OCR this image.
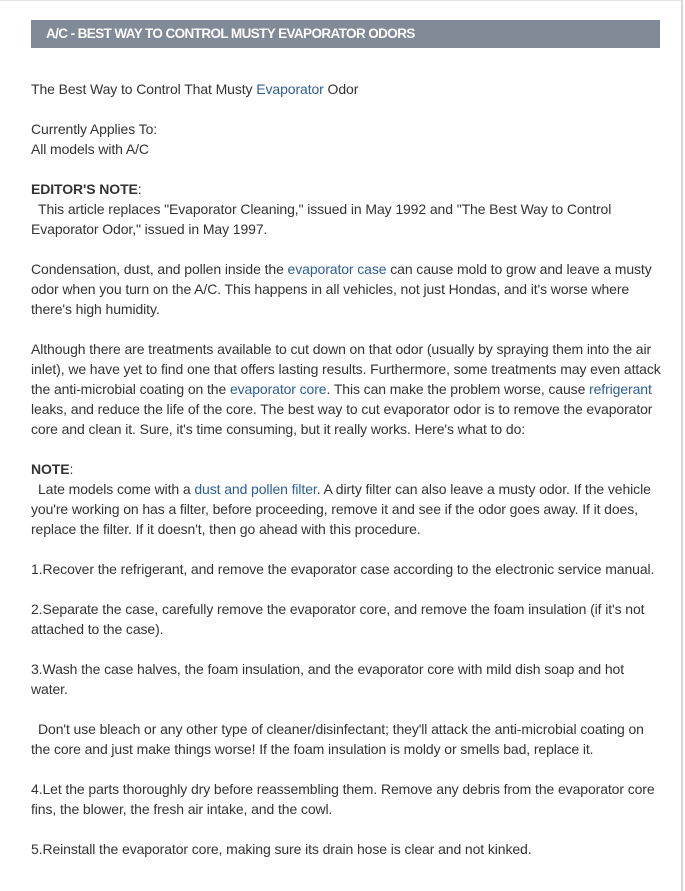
A/C - BEST WAY TO CONTROL MUSTY EVAPORATOR ODORS

The Best Way to Control That Musty Evaporator Odor

Currently Applies To:
All models with A/C

EDITOR'S NOTE:
This article replaces "Evaporator Cleaning," issued in May 1992 and "The Best Way to Control Evaporator Odor," issued in May 1997.

Condensation, dust, and pollen inside the evaporator case can cause mold to grow and leave a musty odor when you turn on the A/C. This happens in all vehicles, not just Hondas, and it's worse where there's high humidity.

Although there are treatments available to cut down on that odor (usually by spraying them into the air inlet), we have yet to find one that offers lasting results. Furthermore, some treatments may even attack the anti-microbial coating on the evaporator core. This can make the problem worse, cause refrigerant leaks, and reduce the life of the core. The best way to cut evaporator odor is to remove the evaporator core and clean it. Sure, it's time consuming, but it really works. Here's what to do:

NOTE:
Late models come with a dust and pollen filter. A dirty filter can also leave a musty odor. If the vehicle you're working on has a filter, before proceeding, remove it and see if the odor goes away. If it does, replace the filter. If it doesn't, then go ahead with this procedure.

1.Recover the refrigerant, and remove the evaporator case according to the electronic service manual.

2.Separate the case, carefully remove the evaporator core, and remove the foam insulation (if it's not attached to the case).

3.Wash the case halves, the foam insulation, and the evaporator core with mild dish soap and hot water.

Don't use bleach or any other type of cleaner/disinfectant; they'll attack the anti-microbial coating on the core and just make things worse! If the foam insulation is moldy or smells bad, replace it.

4.Let the parts thoroughly dry before reassembling them. Remove any debris from the evaporator core fins, the blower, the fresh air intake, and the cowl.

5.Reinstall the evaporator core, making sure its drain hose is clear and not kinked.
